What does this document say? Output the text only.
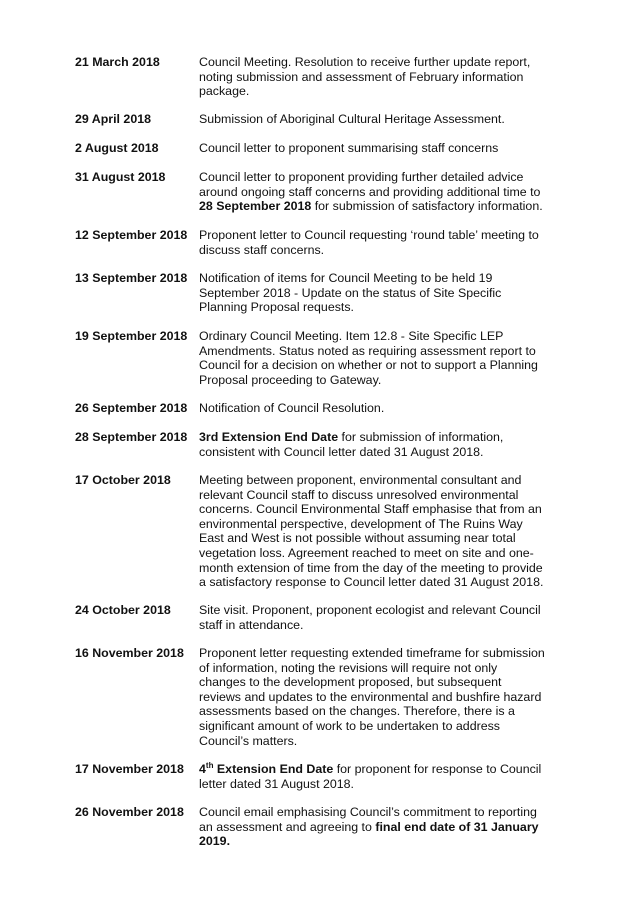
21 March 2018	Council Meeting. Resolution to receive further update report,
noting submission and assessment of February information
package.
29 April 2018	Submission of Aboriginal Cultural Heritage Assessment.
2 August 2018	Council letter to proponent summarising staff concerns
31 August 2018	Council letter to proponent providing further detailed advice
around ongoing staff concerns and providing additional time to
28 September 2018 for submission of satisfactory information.
12 September 2018 Proponent letter to Council requesting ‘round table’ meeting to
discuss staff concerns.
13 September 2018 Notification of items for Council Meeting to be held 19
September 2018 - Update on the status of Site Specific
Planning Proposal requests.
19 September 2018 Ordinary Council Meeting. Item 12.8 - Site Specific LEP
Amendments. Status noted as requiring assessment report to
Council for a decision on whether or not to support a Planning
Proposal proceeding to Gateway.
26 September 2018 Notification of Council Resolution.
28 September 2018 3rd Extension End Date for submission of information,
consistent with Council letter dated 31 August 2018.
17 October 2018	Meeting between proponent, environmental consultant and
relevant Council staff to discuss unresolved environmental
concerns. Council Environmental Staff emphasise that from an
environmental perspective, development of The Ruins Way
East and West is not possible without assuming near total
vegetation loss. Agreement reached to meet on site and one-
month extension of time from the day of the meeting to provide
a satisfactory response to Council letter dated 31 August 2018.
24 October 2018	Site visit. Proponent, proponent ecologist and relevant Council
staff in attendance.
16 November 2018	Proponent letter requesting extended timeframe for submission
of information, noting the revisions will require not only
changes to the development proposed, but subsequent
reviews and updates to the environmental and bushfire hazard
assessments based on the changes. Therefore, there is a
significant amount of work to be undertaken to address
Council’s matters.
17 November 2018	4th Extension End Date for proponent for response to Council
letter dated 31 August 2018.
26 November 2018	Council email emphasising Council’s commitment to reporting
an assessment and agreeing to final end date of 31 January
2019.
